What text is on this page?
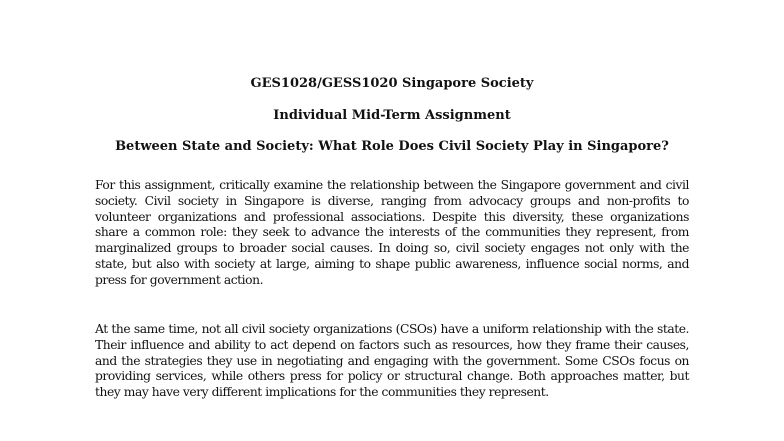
GES1028/GESS1020 Singapore Society
Individual Mid-Term Assignment
Between State and Society: What Role Does Civil Society Play in Singapore?

For this assignment, critically examine the relationship between the Singapore government and civil society. Civil society in Singapore is diverse, ranging from advocacy groups and non-profits to volunteer organizations and professional associations. Despite this diversity, these organizations share a common role: they seek to advance the interests of the communities they represent, from marginalized groups to broader social causes. In doing so, civil society engages not only with the state, but also with society at large, aiming to shape public awareness, influence social norms, and press for government action.

At the same time, not all civil society organizations (CSOs) have a uniform relationship with the state. Their influence and ability to act depend on factors such as resources, how they frame their causes, and the strategies they use in negotiating and engaging with the government. Some CSOs focus on providing services, while others press for policy or structural change. Both approaches matter, but they may have very different implications for the communities they represent.
